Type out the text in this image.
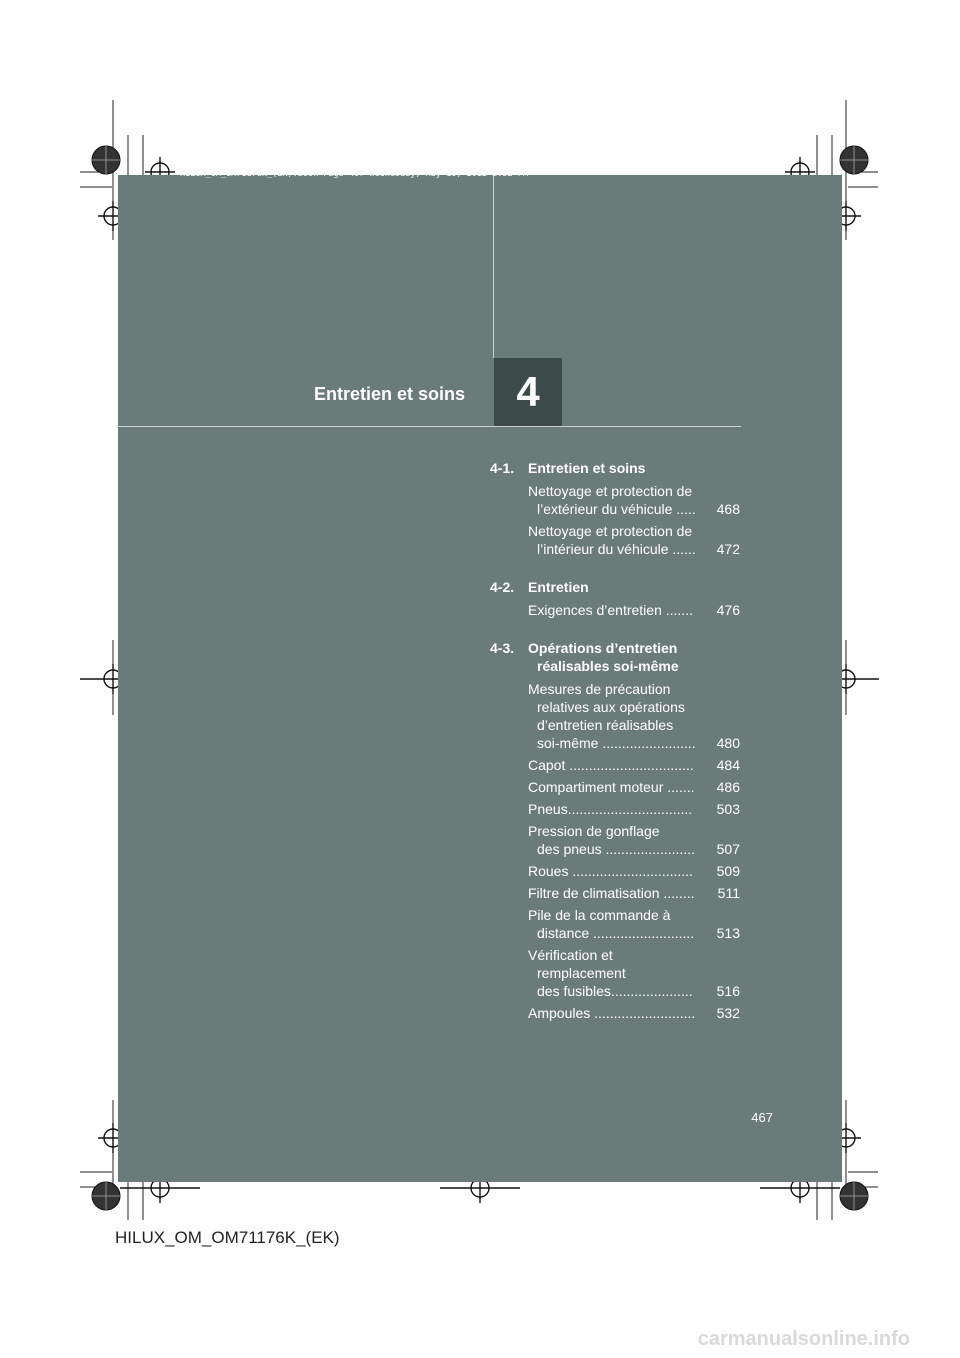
HILUX_OM_OM71176K_(EK).book Page 467 Wednesday, May 16, 2012 2:32 PM
Entretien et soins 4
4-1. Entretien et soins
Nettoyage et protection de
l’extérieur du véhicule .....	468
Nettoyage et protection de
l’intérieur du véhicule ......	472
4-2. Entretien
Exigences d’entretien .......	476
4-3. Opérations d’entretien
réalisables soi-même
Mesures de précaution
relatives aux opérations
d’entretien réalisables
soi-même ........................	480
Capot ................................	484
Compartiment moteur .......	486
Pneus................................	503
Pression de gonflage
des pneus .......................	507
Roues ...............................	509
Filtre de climatisation ........	511
Pile de la commande à
distance ..........................	513
Vérification et
remplacement
des fusibles.....................	516
Ampoules ..........................	532
467
HILUX_OM_OM71176K_(EK)
carmanualsonline.info
